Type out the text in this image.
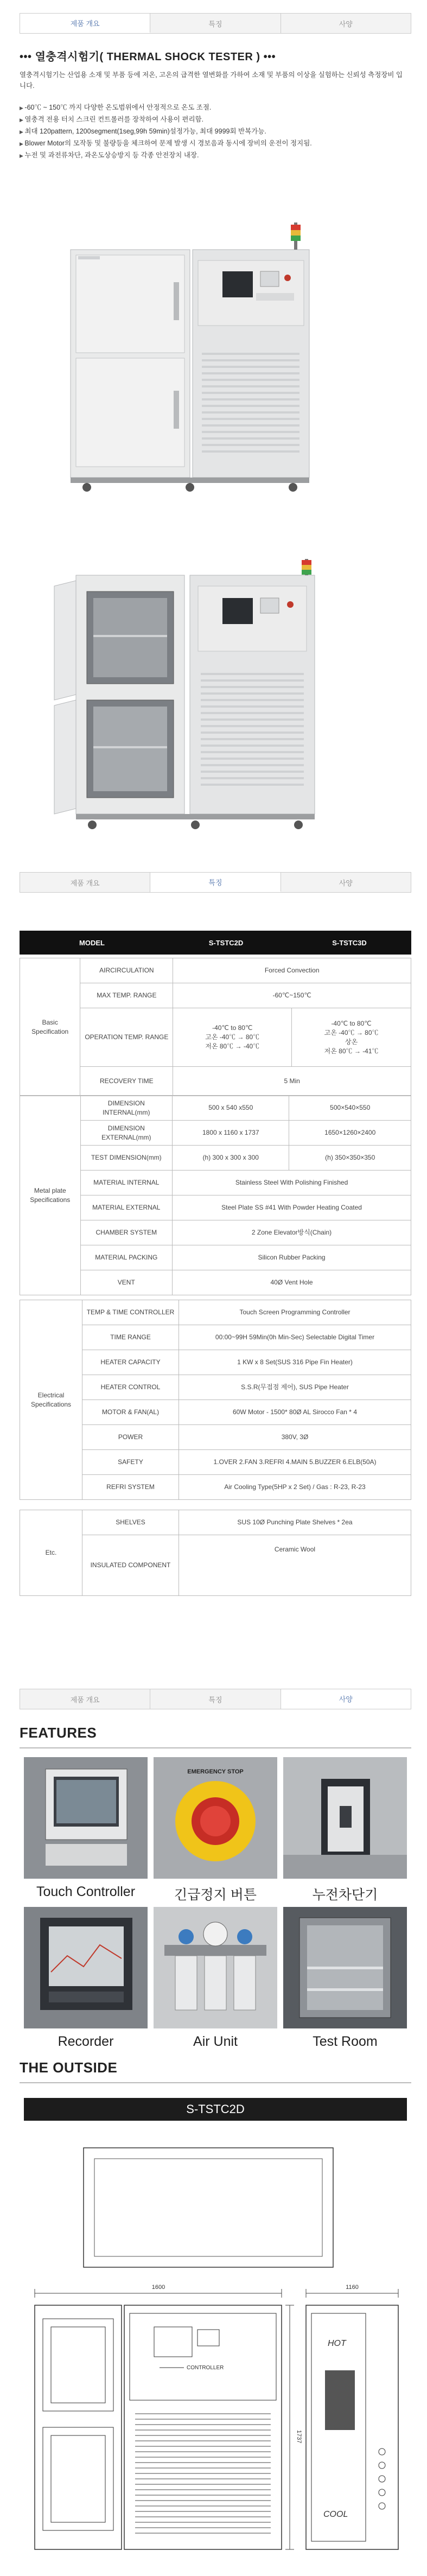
제품 개요	특징	사양
••• 열충격시험기( THERMAL SHOCK TESTER ) •••
열충격시험기는 산업용 소재 및 부품 등에 저온, 고온의 급격한 열변화를 가하여 소재 및 부품의 이상을 실험하는 신뢰성 측정장비 입니다.
▶ -60℃ ~ 150℃ 까지 다양한 온도범위에서 안정적으로 온도 조절.
▶ 열충격 전용 터치 스크린 컨트롤러를 장착하여 사용이 편리함.
▶ 최대 120pattern, 1200segment(1seg,99h 59min)설정가능, 최대 9999회 반복가능.
▶ Blower Motor의 모작동 및 불량등을 체크하여 문제 발생 시 경보음과 동시에 장비의 운전이 정지됨.
▶ 누전 및 과전류차단, 과온도상승방지 등 각종 안전장치 내장.
제품 개요	특징	사양
MODEL	S-TSTC2D	S-TSTC3D
Basic Specification	AIRCIRCULATION	Forced Convection	
	MAX TEMP. RANGE	-60℃~150℃	
	OPERATION TEMP. RANGE	-40℃ to 80℃
고온 -40℃ → 80℃
저온 80℃ → -40℃	-40℃ to 80℃
고온 -40℃ → 80℃
상온
저온 80℃ → -41℃
	RECOVERY TIME	5 Min	
Metal plate Specifications	DIMENSION INTERNAL(mm)	500 x 540 x550	500×540×550
	DIMENSION EXTERNAL(mm)	1800 x 1160 x 1737	1650×1260×2400
	TEST DIMENSION(mm)	(h) 300 x 300 x 300	(h) 350×350×350
	MATERIAL INTERNAL	Stainless Steel With Polishing Finished	
	MATERIAL EXTERNAL	Steel Plate SS #41 With Powder Heating Coated	
	CHAMBER SYSTEM	2 Zone Elevator방식(Chain)	
	MATERIAL PACKING	Silicon Rubber Packing	
	VENT	40Ø Vent Hole	
Electrical Specifications	TEMP & TIME CONTROLLER	Touch Screen Programming Controller
	TIME RANGE	00:00~99H 59Min(0h Min-Sec) Selectable Digital Timer
	HEATER CAPACITY	1 KW x 8 Set(SUS 316 Pipe Fin Heater)
	HEATER CONTROL	S.S.R(무접점 제어), SUS Pipe Heater
	MOTOR & FAN(AL)	60W Motor - 1500* 80Ø AL Sirocco Fan * 4
	POWER	380V, 3Ø
	SAFETY	1.OVER 2.FAN 3.REFRI 4.MAIN 5.BUZZER 6.ELB(50A)
	REFRI SYSTEM	Air Cooling Type(5HP x 2 Set) / Gas : R-23, R-23
Etc.	SHELVES	SUS 10Ø Punching Plate Shelves * 2ea
	INSULATED COMPONENT	Ceramic Wool
제품 개요	특징	사양
FEATURES
Touch Controller
EMERGENCY STOP
긴급정지 버튼	누전차단기
Recorder	Air Unit	Test Room
THE OUTSIDE
S-TSTC2D
1600
CONTROLLER
1737
1160
HOT
COOL
